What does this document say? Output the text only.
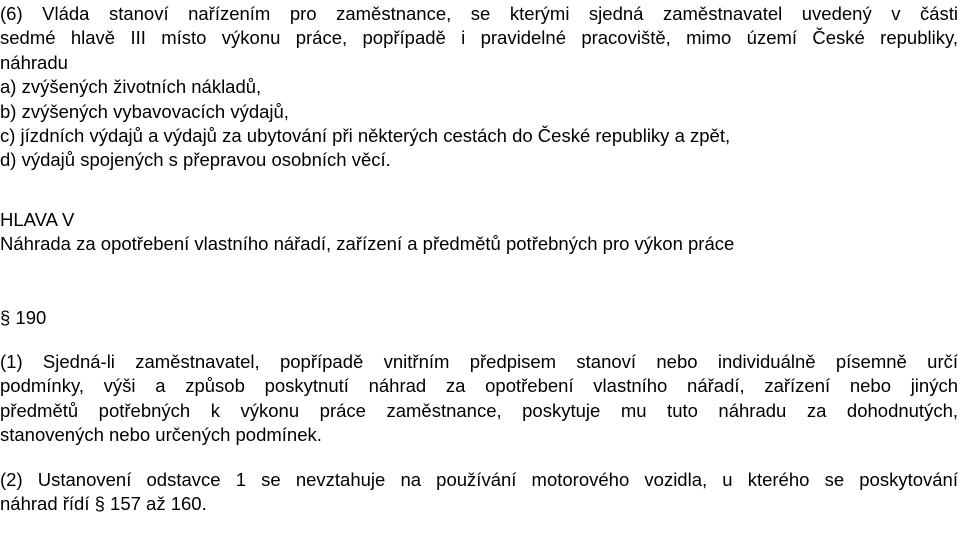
(6) Vláda stanoví nařízením pro zaměstnance, se kterými sjedná zaměstnavatel uvedený v části
sedmé hlavě III místo výkonu práce, popřípadě i pravidelné pracoviště, mimo území České republiky,
náhradu
a) zvýšených životních nákladů,
b) zvýšených vybavovacích výdajů,
c) jízdních výdajů a výdajů za ubytování při některých cestách do České republiky a zpět,
d) výdajů spojených s přepravou osobních věcí.
HLAVA V
Náhrada za opotřebení vlastního nářadí, zařízení a předmětů potřebných pro výkon práce
§ 190
(1) Sjedná-li zaměstnavatel, popřípadě vnitřním předpisem stanoví nebo individuálně písemně určí
podmínky, výši a způsob poskytnutí náhrad za opotřebení vlastního nářadí, zařízení nebo jiných
předmětů potřebných k výkonu práce zaměstnance, poskytuje mu tuto náhradu za dohodnutých,
stanovených nebo určených podmínek.
(2) Ustanovení odstavce 1 se nevztahuje na používání motorového vozidla, u kterého se poskytování
náhrad řídí § 157 až 160.
